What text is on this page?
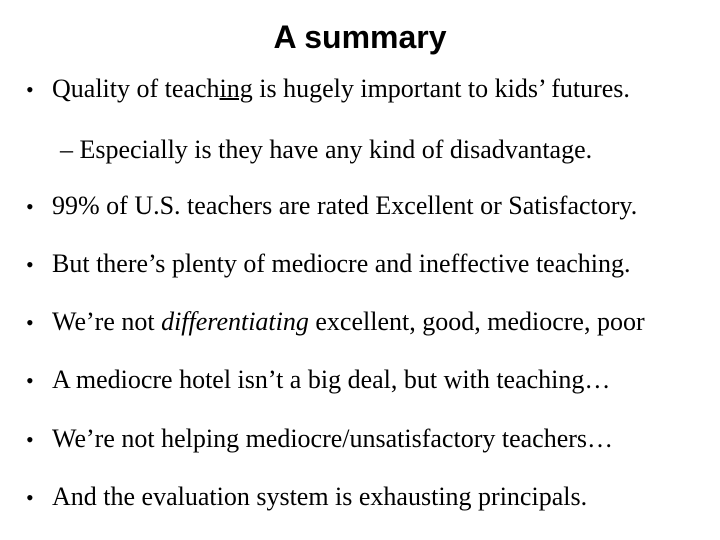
A summary
• Quality of teaching is hugely important to kids’ futures.
– Especially is they have any kind of disadvantage.
• 99% of U.S. teachers are rated Excellent or Satisfactory.
• But there’s plenty of mediocre and ineffective teaching.
• We’re not differentiating excellent, good, mediocre, poor
• A mediocre hotel isn’t a big deal, but with teaching…
• We’re not helping mediocre/unsatisfactory teachers…
• And the evaluation system is exhausting principals.
